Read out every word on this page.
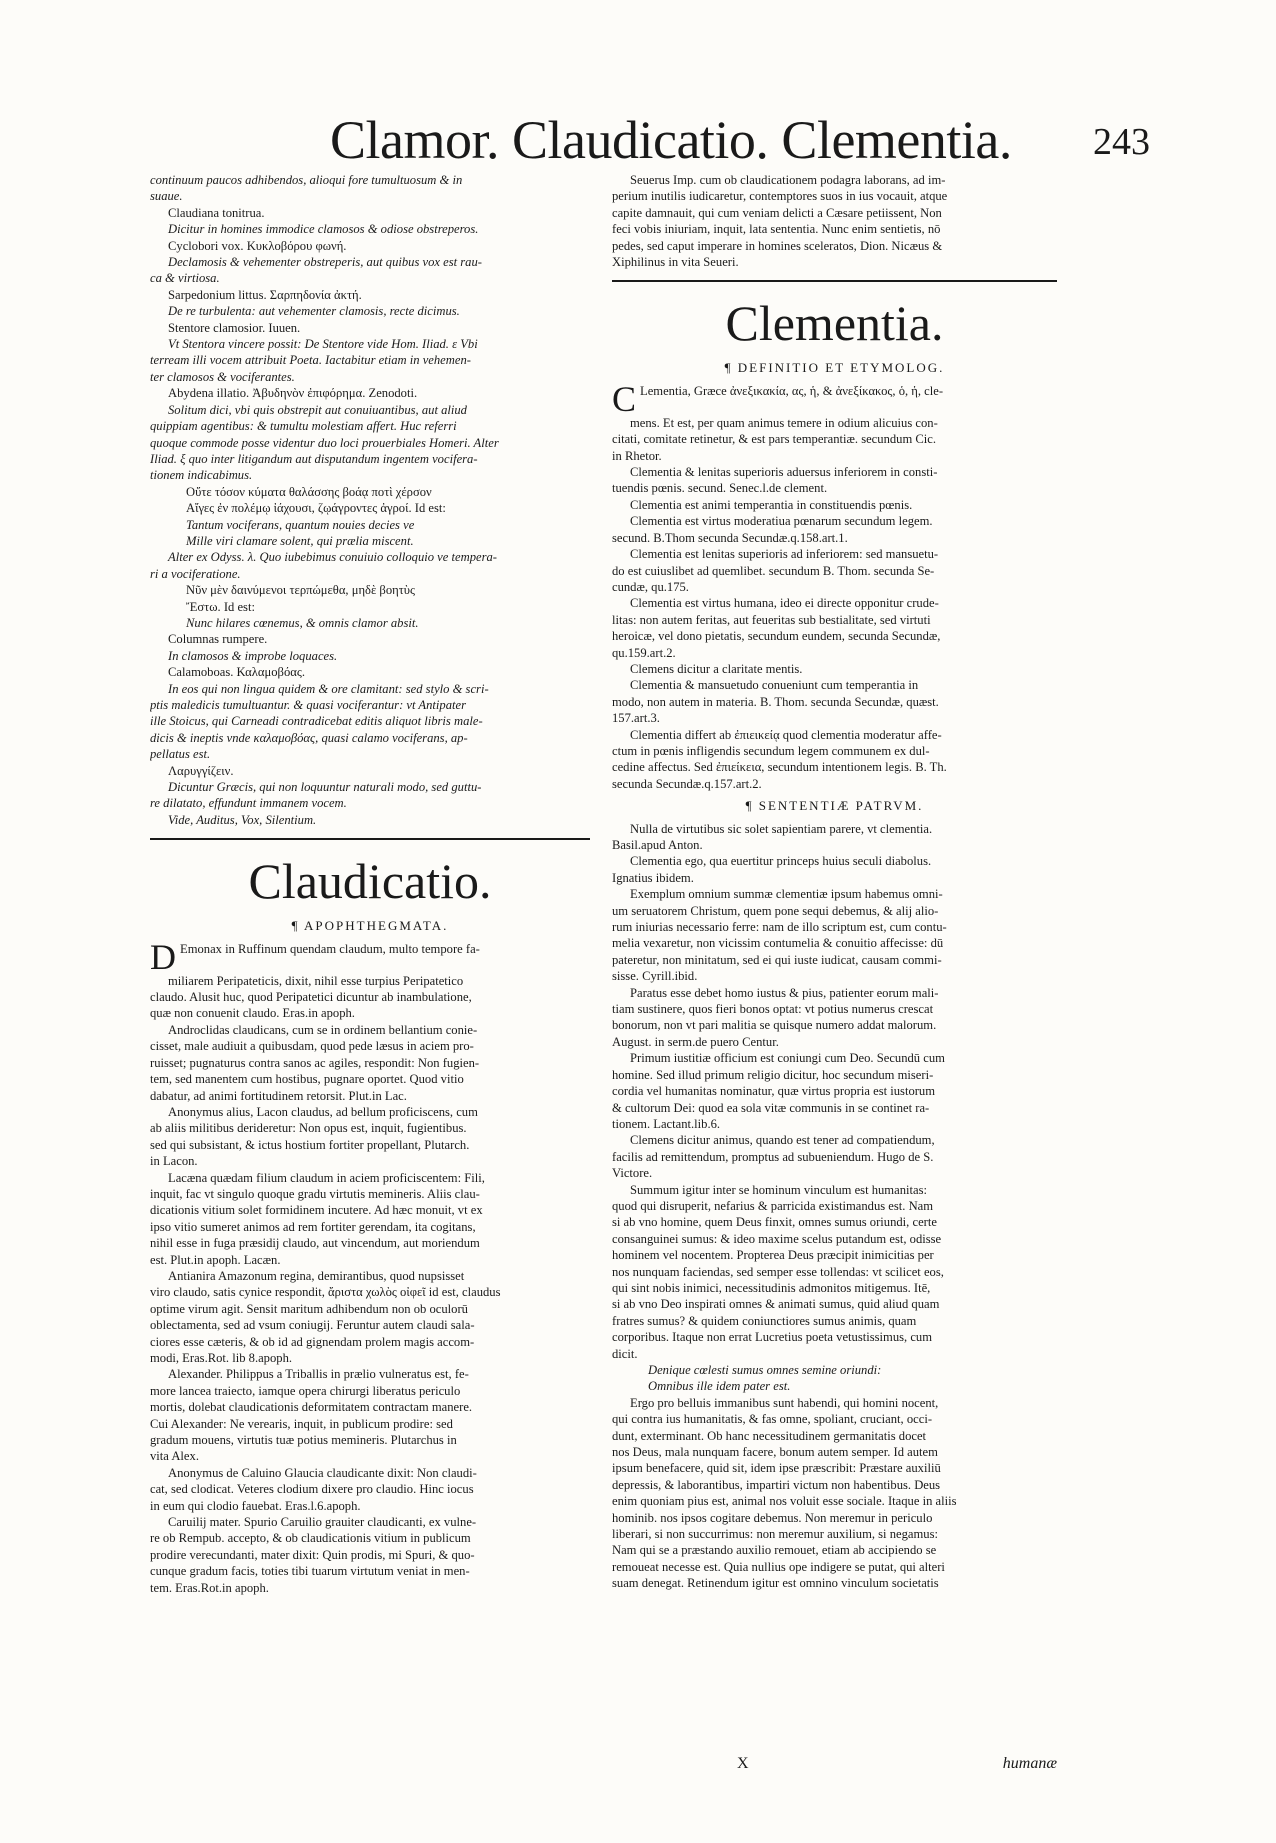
Clamor. Claudicatio. Clementia. 243
continuum paucos adhibendos, alioqui fore tumultuosum & in
suaue.
Claudiana tonitrua.
Dicitur in homines immodice clamosos & odiose obstreperos.
Cyclobori vox. Κυκλοβόρου φωνή.
Declamosis & vehementer obstreperis, aut quibus vox est rau-
ca & virtiosa.
Sarpedonium littus. Σαρπηδονία ἀκτή.
De re turbulenta: aut vehementer clamosis, recte dicimus.
Stentore clamosior. Iuuen.
Vt Stentora vincere possit: De Stentore vide Hom. Iliad. ε Vbi
terream illi vocem attribuit Poeta. Iactabitur etiam in vehemen-
ter clamosos & vociferantes.
Abydena illatio. Ἀβυδηνὸν ἐπιφόρημα. Zenodoti.
Solitum dici, vbi quis obstrepit aut conuiuantibus, aut aliud
quippiam agentibus: & tumultu molestiam affert. Huc referri
quoque commode posse videntur duo loci prouerbiales Homeri. Alter
Iliad. ξ quo inter litigandum aut disputandum ingentem vocifera-
tionem indicabimus.
Οὔτε τόσον κύματα θαλάσσης βοάᾳ ποτὶ χέρσον
Αἴγες ἐν πολέμῳ ἰάχουσι, ζῳάγροντες ἀγροί. Id est:
Tantum vociferans, quantum nouies decies ve
Mille viri clamare solent, qui prælia miscent.
Alter ex Odyss. λ. Quo iubebimus conuiuio colloquio ve tempera-
ri a vociferatione.
Νῦν μὲν δαινύμενοι τερπώμεθα, μηδὲ βοητὺς
Ἔστω. Id est:
Nunc hilares cœnemus, & omnis clamor absit.
Columnas rumpere.
In clamosos & improbe loquaces.
Calamoboas. Καλαμοβόας.
In eos qui non lingua quidem & ore clamitant: sed stylo & scri-
ptis maledicis tumultuantur. & quasi vociferantur: vt Antipater
ille Stoicus, qui Carneadi contradicebat editis aliquot libris male-
dicis & ineptis vnde καλαμοβόας, quasi calamo vociferans, ap-
pellatus est.
Λαρυγγίζειν.
Dicuntur Græcis, qui non loquuntur naturali modo, sed guttu-
re dilatato, effundunt immanem vocem.
Vide, Auditus, Vox, Silentium.
Claudicatio.
¶ APOPHTHEGMATA.
D Emonax in Ruffinum quendam claudum, multo tempore fa-
miliarem Peripateticis, dixit, nihil esse turpius Peripatetico
claudo. Alusit huc, quod Peripatetici dicuntur ab inambulatione,
quæ non conuenit claudo. Eras.in apoph.
Androclidas claudicans, cum se in ordinem bellantium conie-
cisset, male audiuit a quibusdam, quod pede læsus in aciem pro-
ruisset; pugnaturus contra sanos ac agiles, respondit: Non fugien-
tem, sed manentem cum hostibus, pugnare oportet. Quod vitio
dabatur, ad animi fortitudinem retorsit. Plut.in Lac.
Anonymus alius, Lacon claudus, ad bellum proficiscens, cum
ab aliis militibus derideretur: Non opus est, inquit, fugientibus.
sed qui subsistant, & ictus hostium fortiter propellant, Plutarch.
in Lacon.
Lacæna quædam filium claudum in aciem proficiscentem: Fili,
inquit, fac vt singulo quoque gradu virtutis memineris. Aliis clau-
dicationis vitium solet formidinem incutere. Ad hæc monuit, vt ex
ipso vitio sumeret animos ad rem fortiter gerendam, ita cogitans,
nihil esse in fuga præsidij claudo, aut vincendum, aut moriendum
est. Plut.in apoph. Lacæn.
Antianira Amazonum regina, demirantibus, quod nupsisset
viro claudo, satis cynice respondit, ἄριστα χωλὸς οἰφεῖ id est, claudus
optime virum agit. Sensit maritum adhibendum non ob oculorū
oblectamenta, sed ad vsum coniugij. Feruntur autem claudi sala-
ciores esse cæteris, & ob id ad gignendam prolem magis accom-
modi, Eras.Rot. lib 8.apoph.
Alexander. Philippus a Triballis in prælio vulneratus est, fe-
more lancea traiecto, iamque opera chirurgi liberatus periculo
mortis, dolebat claudicationis deformitatem contractam manere.
Cui Alexander: Ne verearis, inquit, in publicum prodire: sed
gradum mouens, virtutis tuæ potius memineris. Plutarchus in
vita Alex.
Anonymus de Caluino Glaucia claudicante dixit: Non claudi-
cat, sed clodicat. Veteres clodium dixere pro claudio. Hinc iocus
in eum qui clodio fauebat. Eras.l.6.apoph.
Caruilij mater. Spurio Caruilio grauiter claudicanti, ex vulne-
re ob Rempub. accepto, & ob claudicationis vitium in publicum
prodire verecundanti, mater dixit: Quin prodis, mi Spuri, & quo-
cunque gradum facis, toties tibi tuarum virtutum veniat in men-
tem. Eras.Rot.in apoph.
Seuerus Imp. cum ob claudicationem podagra laborans, ad im-
perium inutilis iudicaretur, contemptores suos in ius vocauit, atque
capite damnauit, qui cum veniam delicti a Cæsare petiissent, Non
feci vobis iniuriam, inquit, lata sententia. Nunc enim sentietis, nō
pedes, sed caput imperare in homines sceleratos, Dion. Nicæus &
Xiphilinus in vita Seueri.
Clementia.
¶ DEFINITIO ET ETYMOLOG.
C Lementia, Græce ἀνεξικακία, ας, ἡ, & ἀνεξίκακος, ὁ, ἡ, cle-
mens. Et est, per quam animus temere in odium alicuius con-
citati, comitate retinetur, & est pars temperantiæ. secundum Cic.
in Rhetor.
Clementia & lenitas superioris aduersus inferiorem in consti-
tuendis pœnis. secund. Senec.l.de clement.
Clementia est animi temperantia in constituendis pœnis.
Clementia est virtus moderatiua pœnarum secundum legem.
secund. B.Thom secunda Secundæ.q.158.art.1.
Clementia est lenitas superioris ad inferiorem: sed mansuetu-
do est cuiuslibet ad quemlibet. secundum B. Thom. secunda Se-
cundæ, qu.175.
Clementia est virtus humana, ideo ei directe opponitur crude-
litas: non autem feritas, aut feueritas sub bestialitate, sed virtuti
heroicæ, vel dono pietatis, secundum eundem, secunda Secundæ,
qu.159.art.2.
Clemens dicitur a claritate mentis.
Clementia & mansuetudo conueniunt cum temperantia in
modo, non autem in materia. B. Thom. secunda Secundæ, quæst.
157.art.3.
Clementia differt ab ἐπιεικείᾳ quod clementia moderatur affe-
ctum in pœnis infligendis secundum legem communem ex dul-
cedine affectus. Sed ἐπιείκεια, secundum intentionem legis. B. Th.
secunda Secundæ.q.157.art.2.
¶ SENTENTIÆ PATRVM.
Nulla de virtutibus sic solet sapientiam parere, vt clementia.
Basil.apud Anton.
Clementia ego, qua euertitur princeps huius seculi diabolus.
Ignatius ibidem.
Exemplum omnium summæ clementiæ ipsum habemus omni-
um seruatorem Christum, quem pone sequi debemus, & alij alio-
rum iniurias necessario ferre: nam de illo scriptum est, cum contu-
melia vexaretur, non vicissim contumelia & conuitio affecisse: dū
pateretur, non minitatum, sed ei qui iuste iudicat, causam commi-
sisse. Cyrill.ibid.
Paratus esse debet homo iustus & pius, patienter eorum mali-
tiam sustinere, quos fieri bonos optat: vt potius numerus crescat
bonorum, non vt pari malitia se quisque numero addat malorum.
August. in serm.de puero Centur.
Primum iustitiæ officium est coniungi cum Deo. Secundū cum
homine. Sed illud primum religio dicitur, hoc secundum miseri-
cordia vel humanitas nominatur, quæ virtus propria est iustorum
& cultorum Dei: quod ea sola vitæ communis in se continet ra-
tionem. Lactant.lib.6.
Clemens dicitur animus, quando est tener ad compatiendum,
facilis ad remittendum, promptus ad subueniendum. Hugo de S.
Victore.
Summum igitur inter se hominum vinculum est humanitas:
quod qui disruperit, nefarius & parricida existimandus est. Nam
si ab vno homine, quem Deus finxit, omnes sumus oriundi, certe
consanguinei sumus: & ideo maxime scelus putandum est, odisse
hominem vel nocentem. Propterea Deus præcipit inimicitias per
nos nunquam faciendas, sed semper esse tollendas: vt scilicet eos,
qui sint nobis inimici, necessitudinis admonitos mitigemus. Itē,
si ab vno Deo inspirati omnes & animati sumus, quid aliud quam
fratres sumus? & quidem coniunctiores sumus animis, quam
corporibus. Itaque non errat Lucretius poeta vetustissimus, cum
dicit.
Denique cœlesti sumus omnes semine oriundi:
Omnibus ille idem pater est.
Ergo pro belluis immanibus sunt habendi, qui homini nocent,
qui contra ius humanitatis, & fas omne, spoliant, cruciant, occi-
dunt, exterminant. Ob hanc necessitudinem germanitatis docet
nos Deus, mala nunquam facere, bonum autem semper. Id autem
ipsum benefacere, quid sit, idem ipse præscribit: Præstare auxiliū
depressis, & laborantibus, impartiri victum non habentibus. Deus
enim quoniam pius est, animal nos voluit esse sociale. Itaque in aliis
hominib. nos ipsos cogitare debemus. Non meremur in periculo
liberari, si non succurrimus: non meremur auxilium, si negamus:
Nam qui se a præstando auxilio remouet, etiam ab accipiendo se
remoueat necesse est. Quia nullius ope indigere se putat, qui alteri
suam denegat. Retinendum igitur est omnino vinculum societatis
X	humanæ
